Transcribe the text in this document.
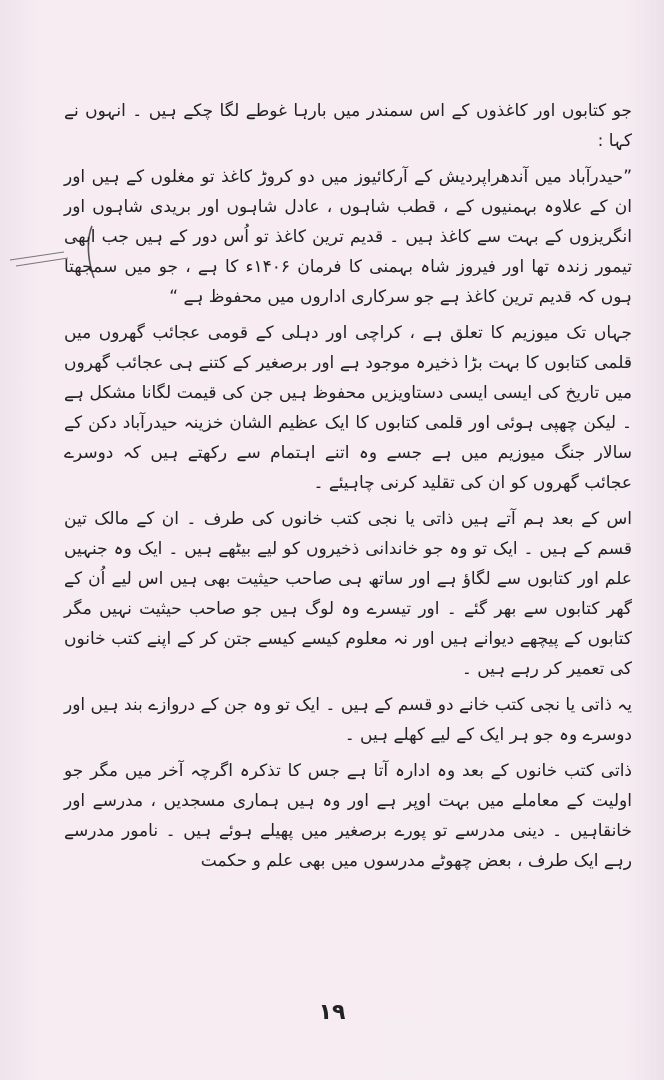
جو کتابوں اور کاغذوں کے اس سمندر میں بارہا غوطے لگا چکے ہیں ۔ انہوں نے کہا :

”حیدرآباد میں آندھراپردیش کے آرکائیوز میں دو کروڑ کاغذ تو مغلوں کے ہیں اور ان کے علاوہ بہمنیوں کے ، قطب شاہوں ، عادل شاہوں اور بریدی شاہوں اور انگریزوں کے بہت سے کاغذ ہیں ۔ قدیم ترین کاغذ تو اُس دور کے ہیں جب ابھی تیمور زندہ تھا اور فیروز شاہ بہمنی کا فرمان ۱۴۰۶ء کا ہے ، جو میں سمجھتا ہوں کہ قدیم ترین کاغذ ہے جو سرکاری اداروں میں محفوظ ہے “

جہاں تک میوزیم کا تعلق ہے ، کراچی اور دہلی کے قومی عجائب گھروں میں قلمی کتابوں کا بہت بڑا ذخیرہ موجود ہے اور برصغیر کے کتنے ہی عجائب گھروں میں تاریخ کی ایسی ایسی دستاویزیں محفوظ ہیں جن کی قیمت لگانا مشکل ہے ۔ لیکن چھپی ہوئی اور قلمی کتابوں کا ایک عظیم الشان خزینہ حیدرآباد دکن کے سالار جنگ میوزیم میں ہے جسے وہ اتنے اہتمام سے رکھتے ہیں کہ دوسرے عجائب گھروں کو ان کی تقلید کرنی چاہیئے ۔

اس کے بعد ہم آتے ہیں ذاتی یا نجی کتب خانوں کی طرف ۔ ان کے مالک تین قسم کے ہیں ۔ ایک تو وہ جو خاندانی ذخیروں کو لیے بیٹھے ہیں ۔ ایک وہ جنہیں علم اور کتابوں سے لگاؤ ہے اور ساتھ ہی صاحب حیثیت بھی ہیں اس لیے اُن کے گھر کتابوں سے بھر گئے ۔ اور تیسرے وہ لوگ ہیں جو صاحب حیثیت نہیں مگر کتابوں کے پیچھے دیوانے ہیں اور نہ معلوم کیسے کیسے جتن کر کے اپنے کتب خانوں کی تعمیر کر رہے ہیں ۔

یہ ذاتی یا نجی کتب خانے دو قسم کے ہیں ۔ ایک تو وہ جن کے دروازے بند ہیں اور دوسرے وہ جو ہر ایک کے لیے کھلے ہیں ۔

ذاتی کتب خانوں کے بعد وہ ادارہ آتا ہے جس کا تذکرہ اگرچہ آخر میں مگر جو اولیت کے معاملے میں بہت اوپر ہے اور وہ ہیں ہماری مسجدیں ، مدرسے اور خانقاہیں ۔ دینی مدرسے تو پورے برصغیر میں پھیلے ہوئے ہیں ۔ نامور مدرسے رہے ایک طرف ، بعض چھوٹے مدرسوں میں بھی علم و حکمت

۱۹
